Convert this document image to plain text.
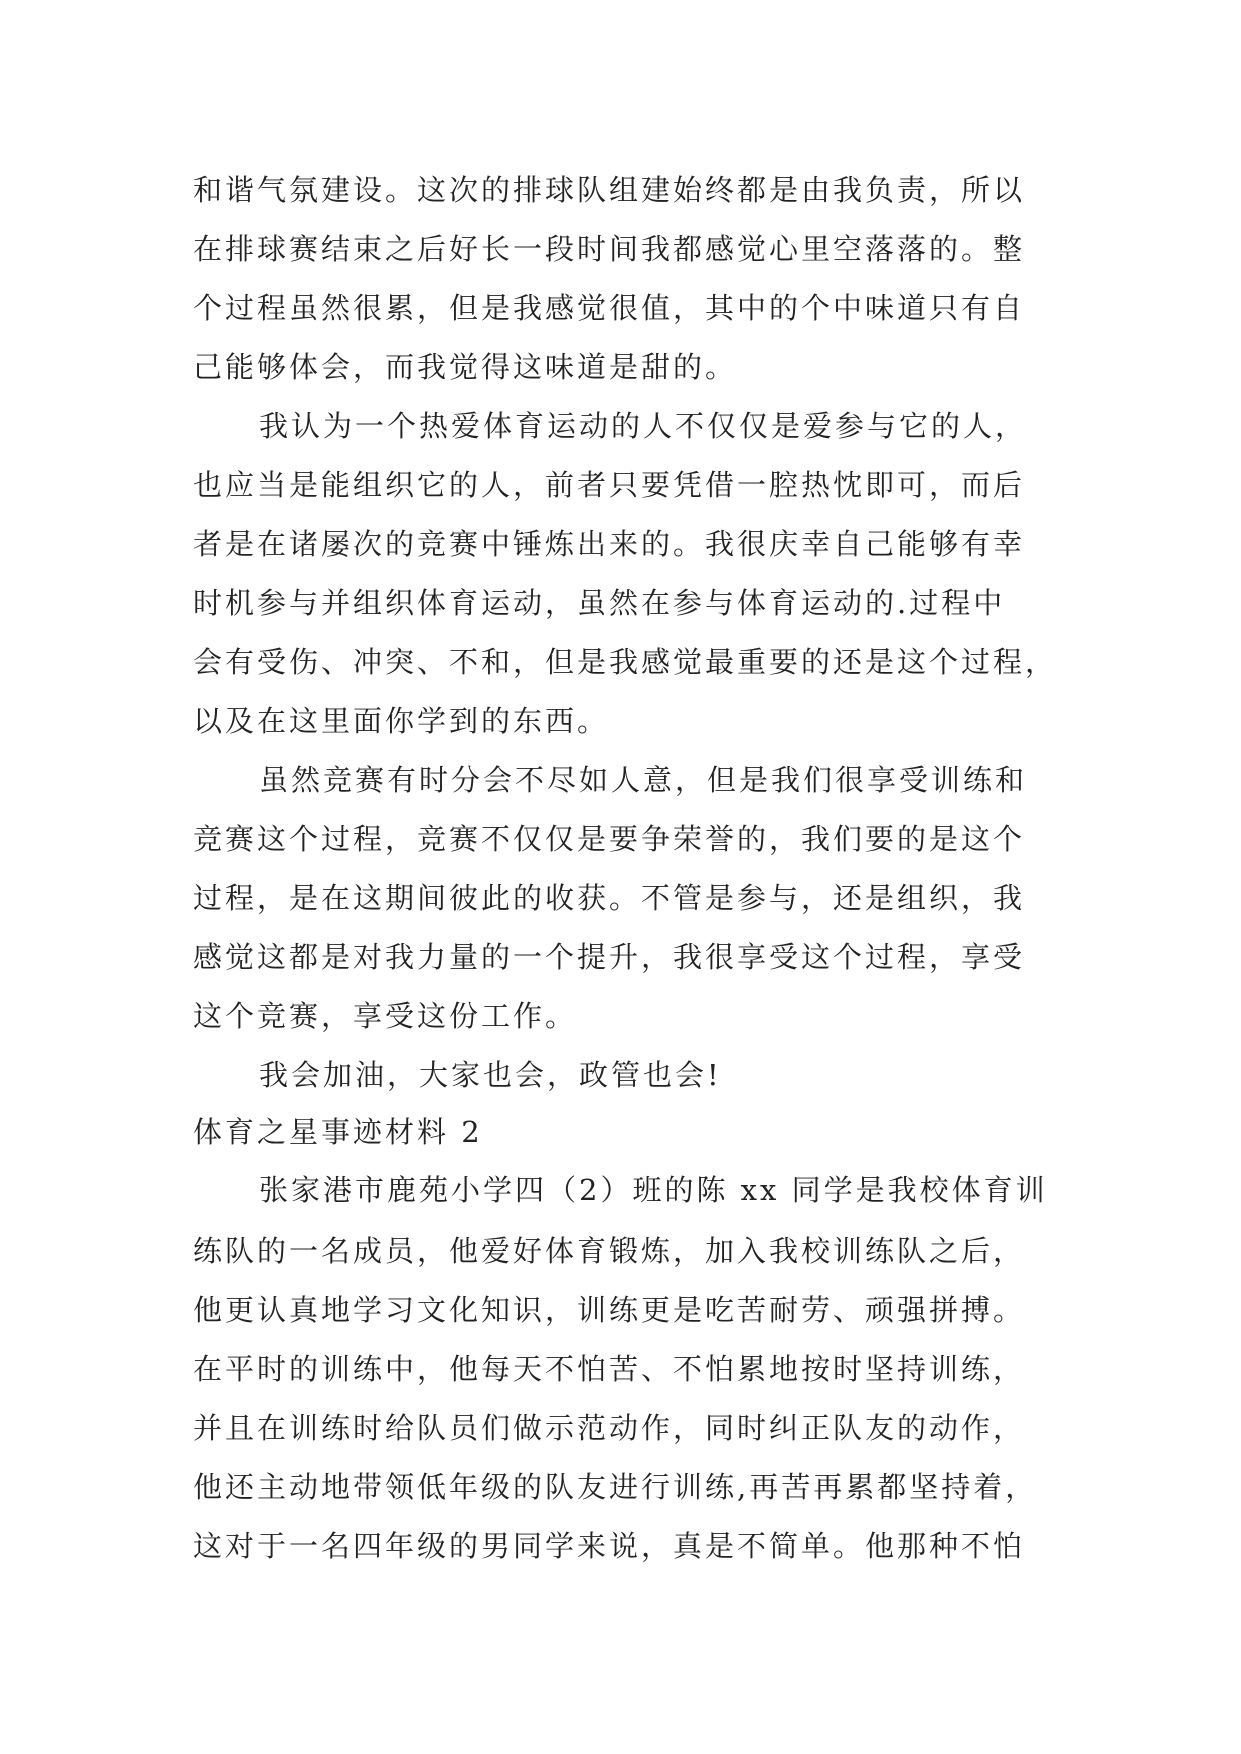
和谐气氛建设。这次的排球队组建始终都是由我负责，所以
在排球赛结束之后好长一段时间我都感觉心里空落落的。整
个过程虽然很累，但是我感觉很值，其中的个中味道只有自
己能够体会，而我觉得这味道是甜的。
我认为一个热爱体育运动的人不仅仅是爱参与它的人，
也应当是能组织它的人，前者只要凭借一腔热忱即可，而后
者是在诸屡次的竞赛中锤炼出来的。我很庆幸自己能够有幸
时机参与并组织体育运动，虽然在参与体育运动的.过程中
会有受伤、冲突、不和，但是我感觉最重要的还是这个过程，
以及在这里面你学到的东西。
虽然竞赛有时分会不尽如人意，但是我们很享受训练和
竞赛这个过程，竞赛不仅仅是要争荣誉的，我们要的是这个
过程，是在这期间彼此的收获。不管是参与，还是组织，我
感觉这都是对我力量的一个提升，我很享受这个过程，享受
这个竞赛，享受这份工作。
我会加油，大家也会，政管也会!
体育之星事迹材料 2
张家港市鹿苑小学四（2）班的陈 xx 同学是我校体育训
练队的一名成员，他爱好体育锻炼，加入我校训练队之后，
他更认真地学习文化知识，训练更是吃苦耐劳、顽强拼搏。
在平时的训练中，他每天不怕苦、不怕累地按时坚持训练，
并且在训练时给队员们做示范动作，同时纠正队友的动作，
他还主动地带领低年级的队友进行训练,再苦再累都坚持着，
这对于一名四年级的男同学来说，真是不简单。他那种不怕
